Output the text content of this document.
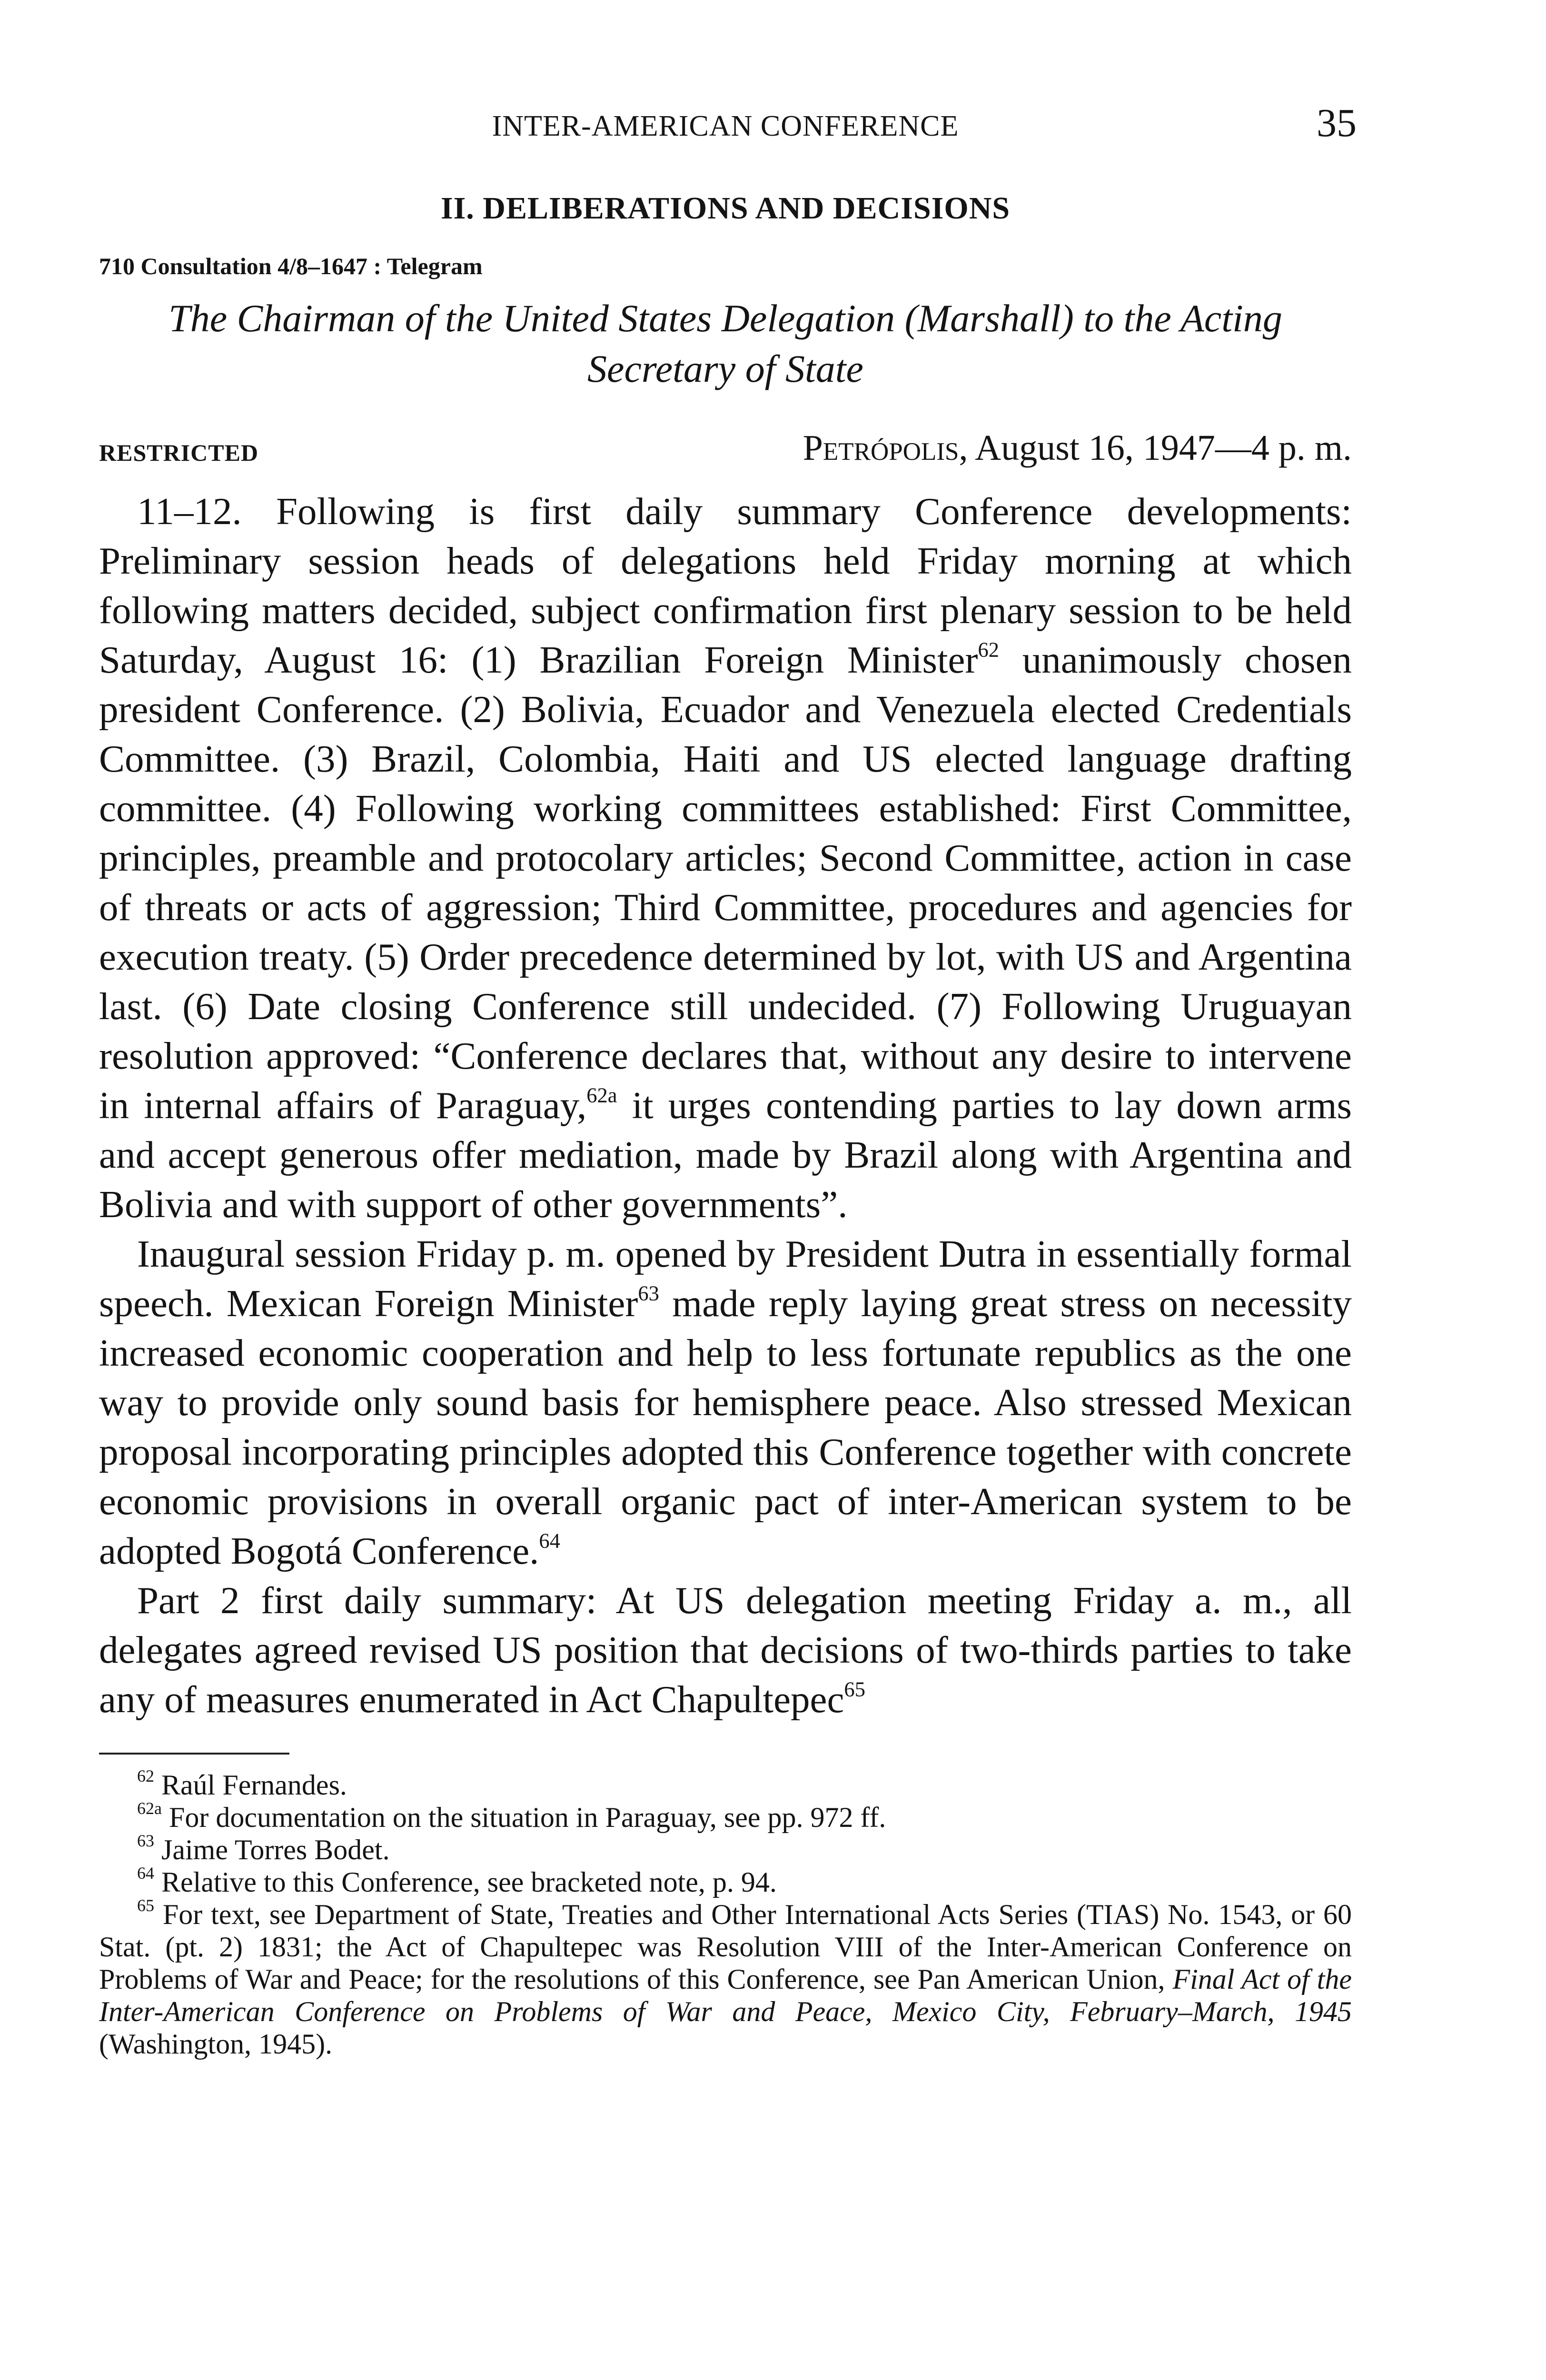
INTER-AMERICAN CONFERENCE	35
II. DELIBERATIONS AND DECISIONS
710 Consultation 4/8–1647 : Telegram
The Chairman of the United States Delegation (Marshall) to the Acting Secretary of State
RESTRICTED	Petrópolis, August 16, 1947—4 p. m.

11–12. Following is first daily summary Conference developments: Preliminary session heads of delegations held Friday morning at which following matters decided, subject confirmation first plenary session to be held Saturday, August 16: (1) Brazilian Foreign Minister$^{62}$ unanimously chosen president Conference. (2) Bolivia, Ecuador and Venezuela elected Credentials Committee. (3) Brazil, Colombia, Haiti and US elected language drafting committee. (4) Following working committees established: First Committee, principles, preamble and protocolary articles; Second Committee, action in case of threats or acts of aggression; Third Committee, procedures and agencies for execution treaty. (5) Order precedence determined by lot, with US and Argentina last. (6) Date closing Conference still undecided. (7) Following Uruguayan resolution approved: “Conference declares that, without any desire to intervene in internal affairs of Paraguay,$^{62a}$ it urges contending parties to lay down arms and accept generous offer mediation, made by Brazil along with Argentina and Bolivia and with support of other governments”.

Inaugural session Friday p. m. opened by President Dutra in essentially formal speech. Mexican Foreign Minister$^{63}$ made reply laying great stress on necessity increased economic cooperation and help to less fortunate republics as the one way to provide only sound basis for hemisphere peace. Also stressed Mexican proposal incorporating principles adopted this Conference together with concrete economic provisions in overall organic pact of inter-American system to be adopted Bogotá Conference.$^{64}$

Part 2 first daily summary: At US delegation meeting Friday a. m., all delegates agreed revised US position that decisions of two-thirds parties to take any of measures enumerated in Act Chapultepec$^{65}$

$^{62}$ Raúl Fernandes.

$^{62a}$ For documentation on the situation in Paraguay, see pp. 972 ff.

$^{63}$ Jaime Torres Bodet.

$^{64}$ Relative to this Conference, see bracketed note, p. 94.

$^{65}$ For text, see Department of State, Treaties and Other International Acts Series (TIAS) No. 1543, or 60 Stat. (pt. 2) 1831; the Act of Chapultepec was Resolution VIII of the Inter-American Conference on Problems of War and Peace; for the resolutions of this Conference, see Pan American Union, Final Act of the Inter-American Conference on Problems of War and Peace, Mexico City, February–March, 1945 (Washington, 1945).
